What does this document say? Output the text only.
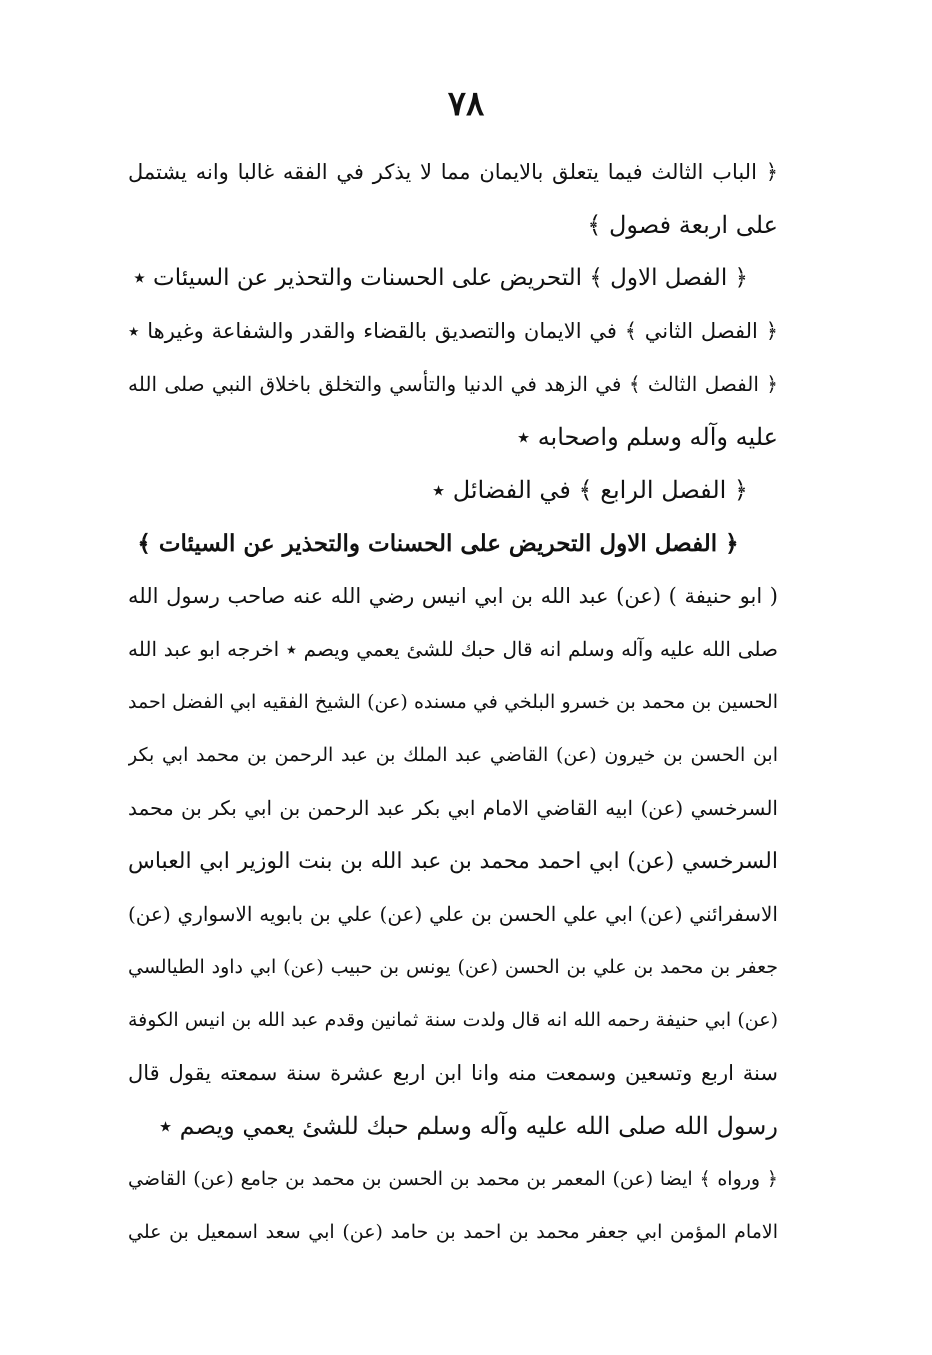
٧٨
﴿ الباب الثالث فيما يتعلق بالايمان مما لا يذكر في الفقه غالبا وانه يشتمل
على اربعة فصول ﴾
﴿ الفصل الاول ﴾ التحريض على الحسنات والتحذير عن السيئات ٭
﴿ الفصل الثاني ﴾ في الايمان والتصديق بالقضاء والقدر والشفاعة وغيرها ٭
﴿ الفصل الثالث ﴾ في الزهد في الدنيا والتأسي والتخلق باخلاق النبي صلى الله
عليه وآله وسلم واصحابه ٭
﴿ الفصل الرابع ﴾ في الفضائل ٭
﴿ الفصل الاول التحريض على الحسنات والتحذير عن السيئات ﴾
( ابو حنيفة ) (عن) عبد الله بن ابي انيس رضي الله عنه صاحب رسول الله
صلى الله عليه وآله وسلم انه قال حبك للشئ يعمي ويصم ٭ اخرجه ابو عبد الله
الحسين بن محمد بن خسرو البلخي في مسنده (عن) الشيخ الفقيه ابي الفضل احمد
ابن الحسن بن خيرون (عن) القاضي عبد الملك بن عبد الرحمن بن محمد ابي بكر
السرخسي (عن) ابيه القاضي الامام ابي بكر عبد الرحمن بن ابي بكر بن محمد
السرخسي (عن) ابي احمد محمد بن عبد الله بن بنت الوزير ابي العباس
الاسفرائني (عن) ابي علي الحسن بن علي (عن) علي بن بابويه الاسواري (عن)
جعفر بن محمد بن علي بن الحسن (عن) يونس بن حبيب (عن) ابي داود الطيالسي
(عن) ابي حنيفة رحمه الله انه قال ولدت سنة ثمانين وقدم عبد الله بن انيس الكوفة
سنة اربع وتسعين وسمعت منه وانا ابن اربع عشرة سنة سمعته يقول قال
رسول الله صلى الله عليه وآله وسلم حبك للشئ يعمي ويصم ٭
﴿ ورواه ﴾ ايضا (عن) المعمر بن محمد بن الحسن بن محمد بن جامع (عن) القاضي
الامام المؤمن ابي جعفر محمد بن احمد بن حامد (عن) ابي سعد اسمعيل بن علي
